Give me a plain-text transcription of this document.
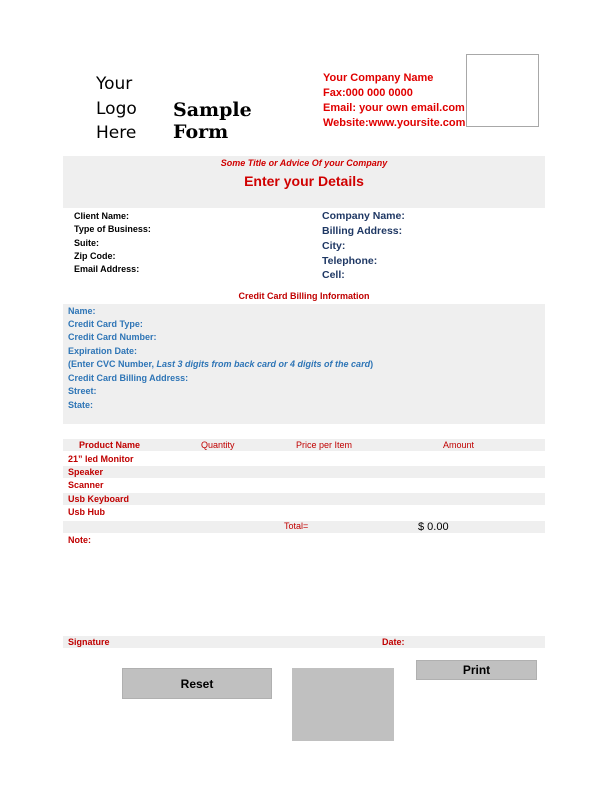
Your
Logo
Here
Sample
Form
Your Company Name
Fax:000 000 0000
Email: your own email.com
Website:www.yoursite.com
Some Title or Advice Of your Company
Enter your Details
Client Name:
Type of Business:
Suite:
Zip Code:
Email Address:
Company Name:
Billing Address:
City:
Telephone:
Cell:
Credit Card Billing Information
Name:
Credit Card Type:
Credit Card Number:
Expiration Date:
(Enter CVC Number, Last 3 digits from back card or 4 digits of the card)
Credit Card Billing Address:
Street:
State:
Product Name	Quantity	Price per Item	Amount
21” led Monitor
Speaker
Scanner
Usb Keyboard
Usb Hub
Total=	$ 0.00
Note:
Signature	Date:
Reset
Print
